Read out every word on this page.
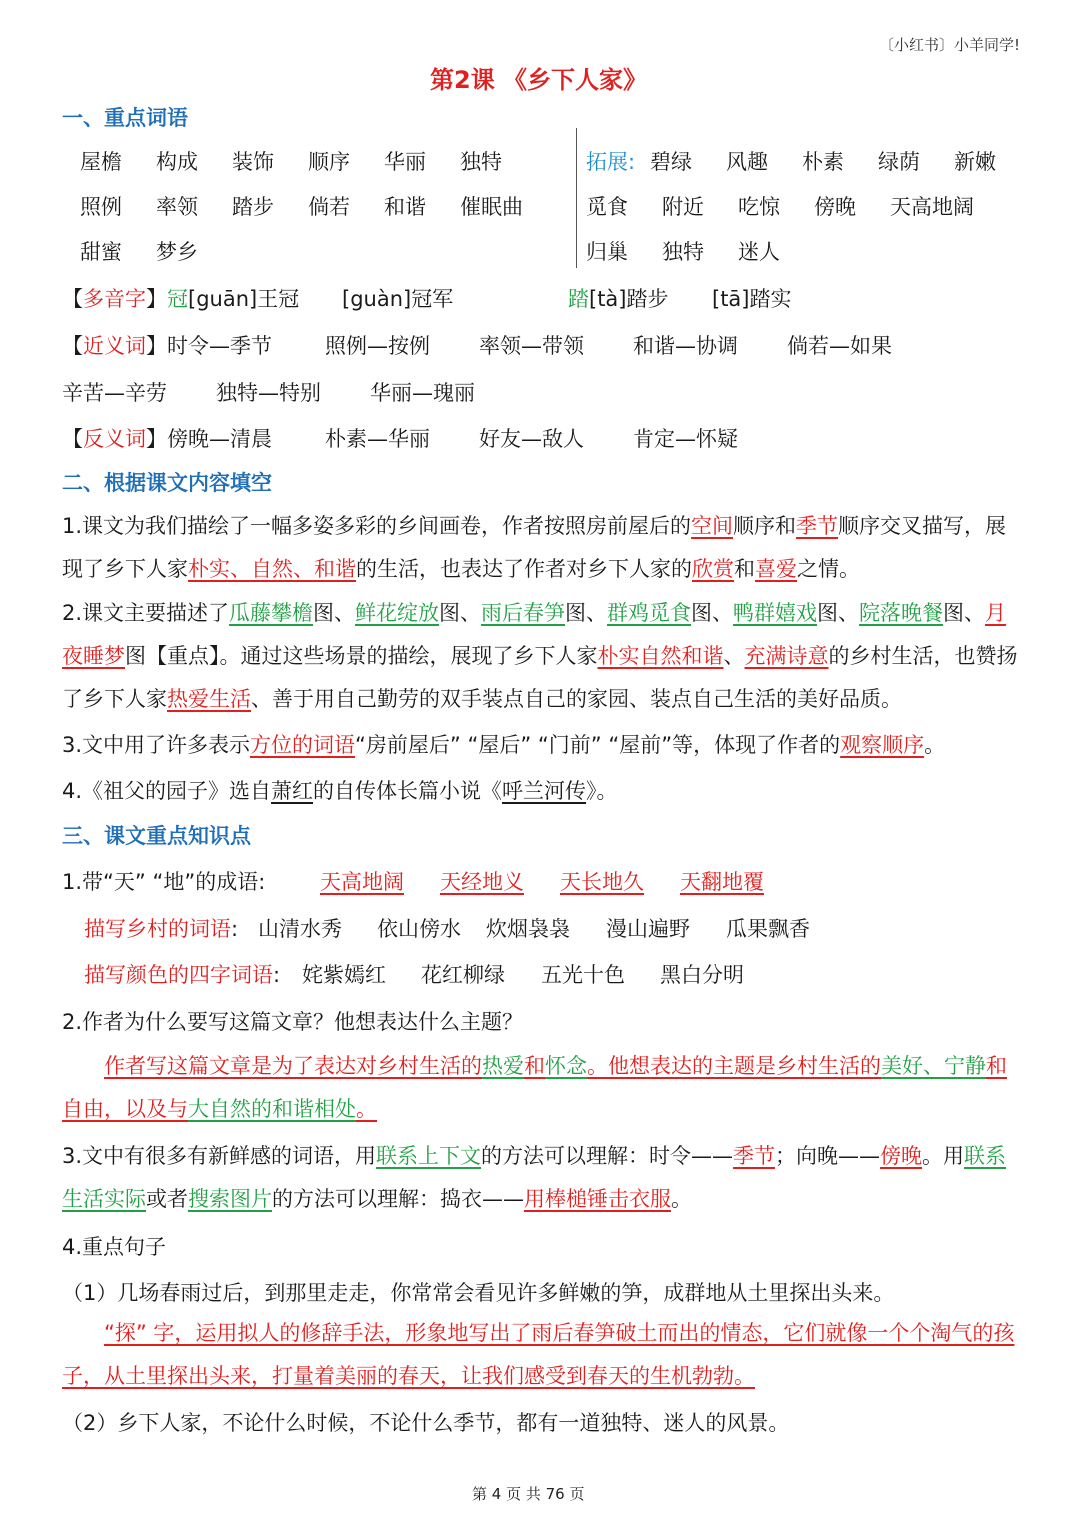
〔小红书〕小羊同学!
第2课 《乡下人家》
一、重点词语
屋檐 构成 装饰 顺序 华丽 独特
照例 率领 踏步 倘若 和谐 催眠曲
甜蜜 梦乡
拓展: 碧绿 风趣 朴素 绿荫 新嫩
觅食 附近 吃惊 傍晚 天高地阔
归巢 独特 迷人
【多音字】冠[guān]王冠 [guàn]冠军	踏[tà]踏步 [tā]踏实
【近义词】时令—季节	照例—按例 率领—带领 和谐—协调 倘若—如果
辛苦—辛劳 独特—特别 华丽—瑰丽
【反义词】傍晚—清晨	朴素—华丽 好友—敌人 肯定—怀疑
二、根据课文内容填空
1.课文为我们描绘了一幅多姿多彩的乡间画卷，作者按照房前屋后的空间顺序和季节顺序交叉描写，展现了乡下人家朴实、自然、和谐的生活，也表达了作者对乡下人家的欣赏和喜爱之情。
2.课文主要描述了瓜藤攀檐图、鲜花绽放图、雨后春笋图、群鸡觅食图、鸭群嬉戏图、院落晚餐图、月夜睡梦图【重点】。通过这些场景的描绘，展现了乡下人家朴实自然和谐、充满诗意的乡村生活，也赞扬了乡下人家热爱生活、善于用自己勤劳的双手装点自己的家园、装点自己生活的美好品质。
3.文中用了许多表示方位的词语“房前屋后” “屋后” “门前” “屋前”等，体现了作者的观察顺序。
4.《祖父的园子》选自萧红的自传体长篇小说《呼兰河传》。
三、课文重点知识点
1.带“天” “地”的成语:	天高地阔 天经地义 天长地久 天翻地覆
描写乡村的词语: 山清水秀 依山傍水 炊烟袅袅 漫山遍野 瓜果飘香
描写颜色的四字词语: 姹紫嫣红 花红柳绿 五光十色 黑白分明
2.作者为什么要写这篇文章？他想表达什么主题？
作者写这篇文章是为了表达对乡村生活的热爱和怀念。他想表达的主题是乡村生活的美好、宁静和自由，以及与大自然的和谐相处。
3.文中有很多有新鲜感的词语，用联系上下文的方法可以理解：时令——季节；向晚——傍晚。用联系生活实际或者搜索图片的方法可以理解：捣衣——用棒槌锤击衣服。
4.重点句子
（1）几场春雨过后，到那里走走，你常常会看见许多鲜嫩的笋，成群地从土里探出头来。
“探” 字，运用拟人的修辞手法，形象地写出了雨后春笋破土而出的情态，它们就像一个个淘气的孩子，从土里探出头来，打量着美丽的春天，让我们感受到春天的生机勃勃。
（2）乡下人家，不论什么时候，不论什么季节，都有一道独特、迷人的风景。
第 4 页 共 76 页
